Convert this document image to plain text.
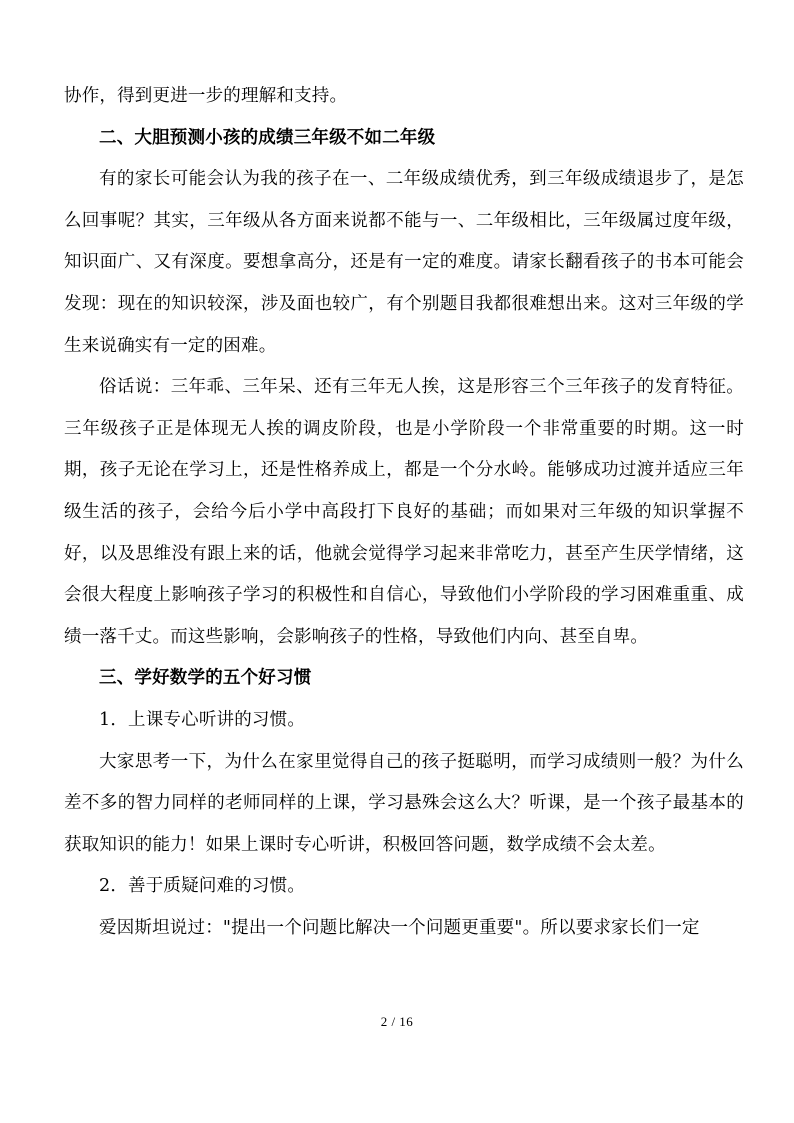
协作，得到更进一步的理解和支持。

二、大胆预测小孩的成绩三年级不如二年级

有的家长可能会认为我的孩子在一、二年级成绩优秀，到三年级成绩退步了，是怎么回事呢？其实，三年级从各方面来说都不能与一、二年级相比，三年级属过度年级，知识面广、又有深度。要想拿高分，还是有一定的难度。请家长翻看孩子的书本可能会发现：现在的知识较深，涉及面也较广，有个别题目我都很难想出来。这对三年级的学生来说确实有一定的困难。

俗话说：三年乖、三年呆、还有三年无人挨，这是形容三个三年孩子的发育特征。三年级孩子正是体现无人挨的调皮阶段，也是小学阶段一个非常重要的时期。这一时期，孩子无论在学习上，还是性格养成上，都是一个分水岭。能够成功过渡并适应三年级生活的孩子，会给今后小学中高段打下良好的基础；而如果对三年级的知识掌握不好，以及思维没有跟上来的话，他就会觉得学习起来非常吃力，甚至产生厌学情绪，这会很大程度上影响孩子学习的积极性和自信心，导致他们小学阶段的学习困难重重、成绩一落千丈。而这些影响，会影响孩子的性格，导致他们内向、甚至自卑。

三、学好数学的五个好习惯

1．上课专心听讲的习惯。

大家思考一下，为什么在家里觉得自己的孩子挺聪明，而学习成绩则一般？为什么差不多的智力同样的老师同样的上课，学习悬殊会这么大？听课，是一个孩子最基本的获取知识的能力！如果上课时专心听讲，积极回答问题，数学成绩不会太差。

2．善于质疑问难的习惯。

爱因斯坦说过："提出一个问题比解决一个问题更重要"。所以要求家长们一定

2 / 16
